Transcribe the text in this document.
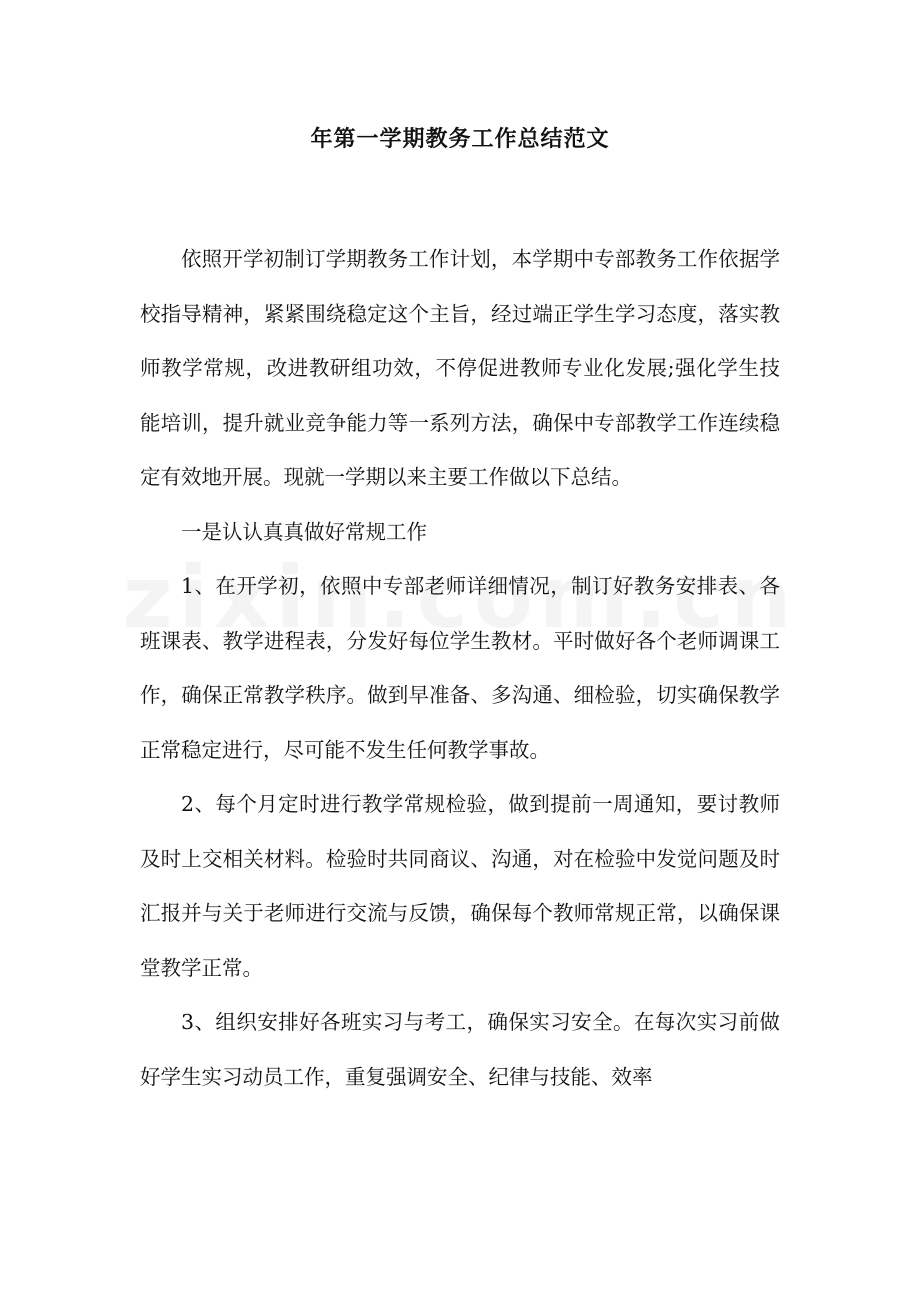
年第一学期教务工作总结范文

依照开学初制订学期教务工作计划，本学期中专部教务工作依据学校指导精神，紧紧围绕稳定这个主旨，经过端正学生学习态度，落实教师教学常规，改进教研组功效，不停促进教师专业化发展;强化学生技能培训，提升就业竞争能力等一系列方法，确保中专部教学工作连续稳定有效地开展。现就一学期以来主要工作做以下总结。

一是认认真真做好常规工作

1、在开学初，依照中专部老师详细情况，制订好教务安排表、各班课表、教学进程表，分发好每位学生教材。平时做好各个老师调课工作，确保正常教学秩序。做到早准备、多沟通、细检验，切实确保教学正常稳定进行，尽可能不发生任何教学事故。

2、每个月定时进行教学常规检验，做到提前一周通知，要讨教师及时上交相关材料。检验时共同商议、沟通，对在检验中发觉问题及时汇报并与关于老师进行交流与反馈，确保每个教师常规正常，以确保课堂教学正常。

3、组织安排好各班实习与考工，确保实习安全。在每次实习前做好学生实习动员工作，重复强调安全、纪律与技能、效率
